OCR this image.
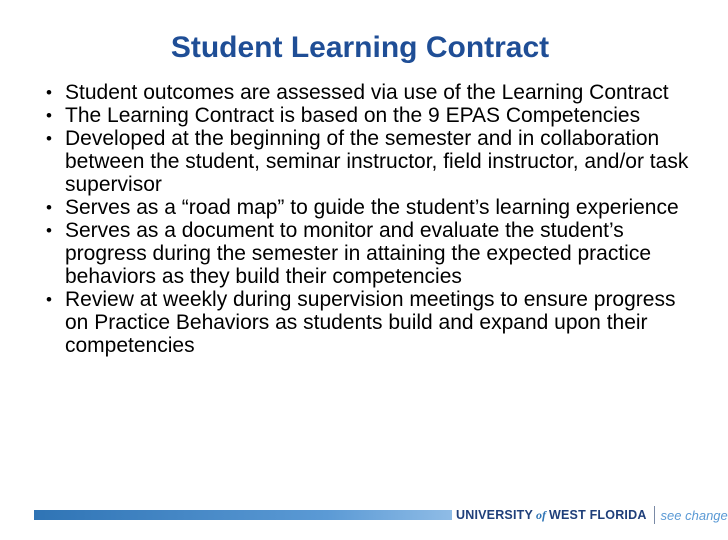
Student Learning Contract
• Student outcomes are assessed via use of the Learning Contract
• The Learning Contract is based on the 9 EPAS Competencies
• Developed at the beginning of the semester and in collaboration between the student, seminar instructor, field instructor, and/or task supervisor
• Serves as a “road map” to guide the student’s learning experience
• Serves as a document to monitor and evaluate the student’s progress during the semester in attaining the expected practice behaviors as they build their competencies
• Review at weekly during supervision meetings to ensure progress on Practice Behaviors as students build and expand upon their competencies
UNIVERSITY of WEST FLORIDA see change
